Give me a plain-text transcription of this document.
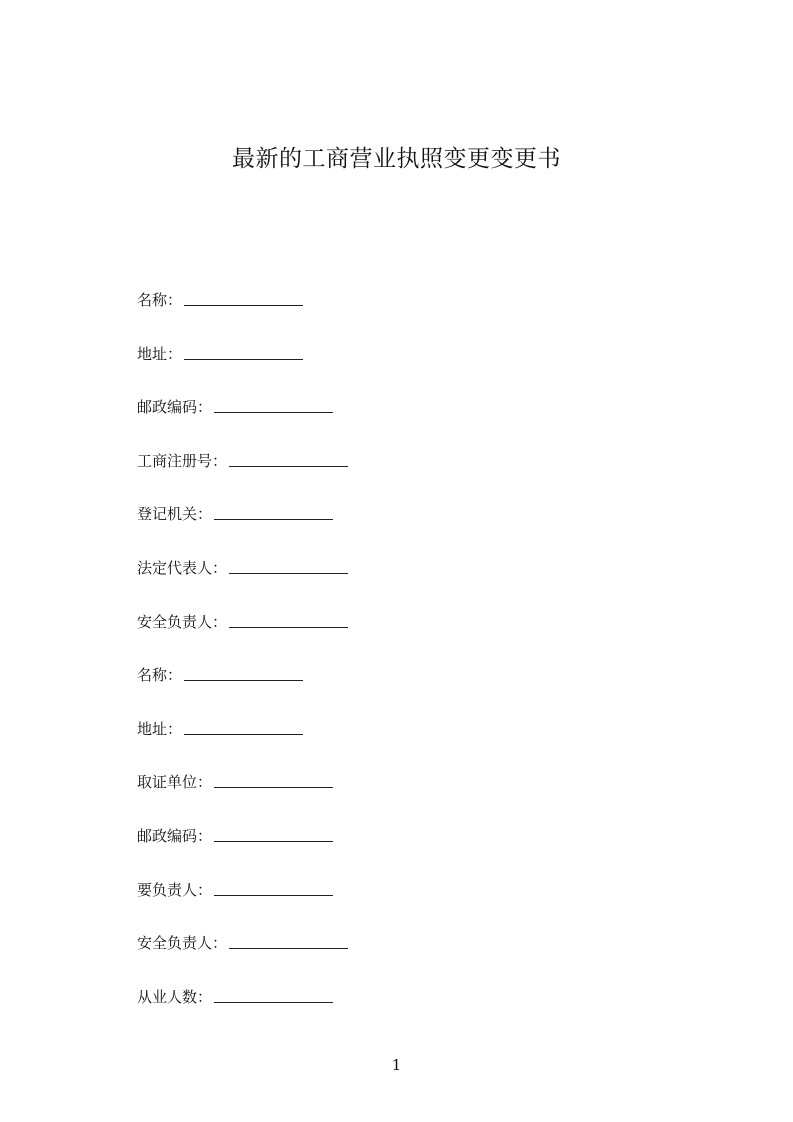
最新的工商营业执照变更变更书
名称：
地址：
邮政编码：
工商注册号：
登记机关：
法定代表人：
安全负责人：
名称：
地址：
取证单位：
邮政编码：
要负责人：
安全负责人：
从业人数：
1
